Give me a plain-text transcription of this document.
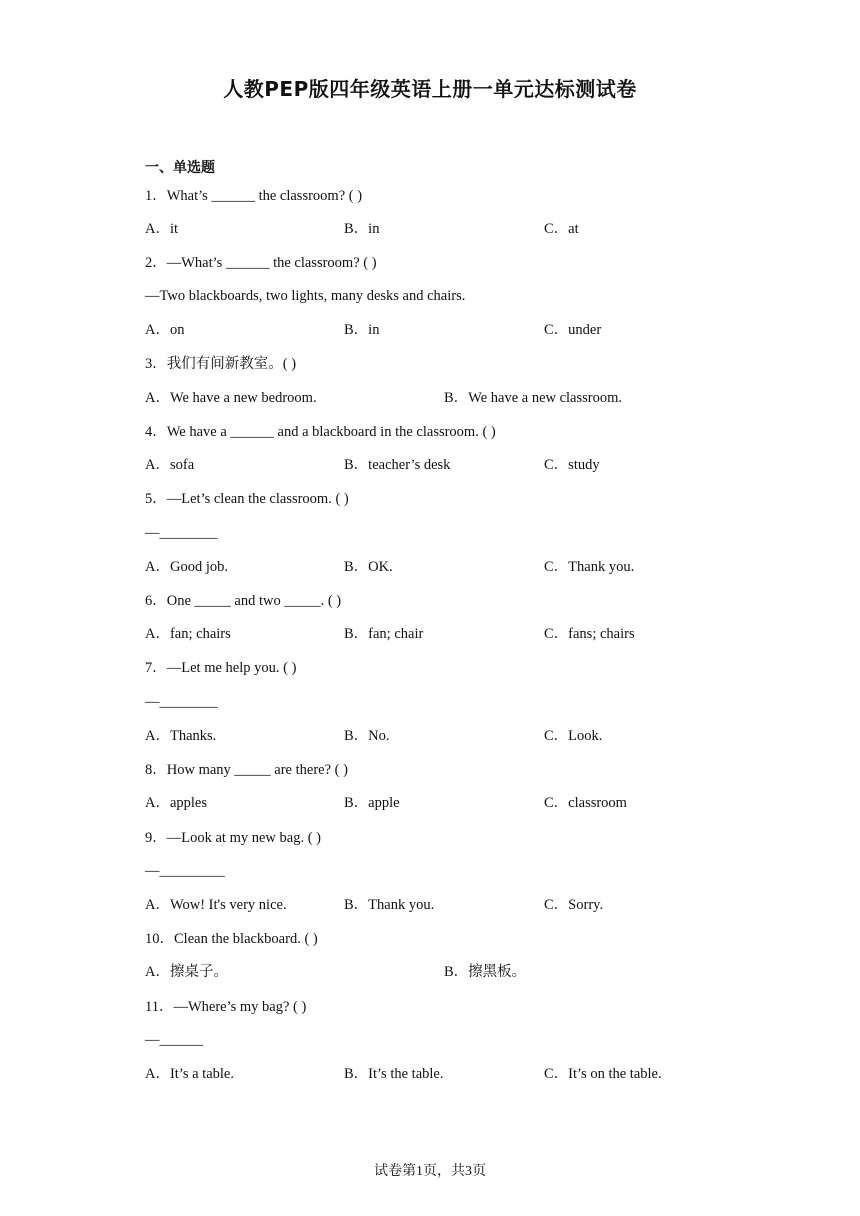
人教PEP版四年级英语上册一单元达标测试卷
一、单选题
1．What’s ______ the classroom? ( )
A．it	B．in	C．at
2．—What’s ______ the classroom? ( )
—Two blackboards, two lights, many desks and chairs.
A．on	B．in	C．under
3．我们有间新教室。( )
A．We have a new bedroom.	B．We have a new classroom.
4．We have a ______ and a blackboard in the classroom. ( )
A．sofa	B．teacher’s desk	C．study
5．—Let’s clean the classroom. ( )
—________
A．Good job.	B．OK.	C．Thank you.
6．One _____ and two _____. ( )
A．fan; chairs	B．fan; chair	C．fans; chairs
7．—Let me help you. ( )
—________
A．Thanks.	B．No.	C．Look.
8．How many _____ are there? ( )
A．apples	B．apple	C．classroom
9．—Look at my new bag. ( )
—_________
A．Wow! It's very nice.	B．Thank you.	C．Sorry.
10．Clean the blackboard. ( )
A．擦桌子。	B．擦黑板。
11．—Where’s my bag? ( )
—______
A．It’s a table.	B．It’s the table.	C．It’s on the table.
试卷第1页，共3页
